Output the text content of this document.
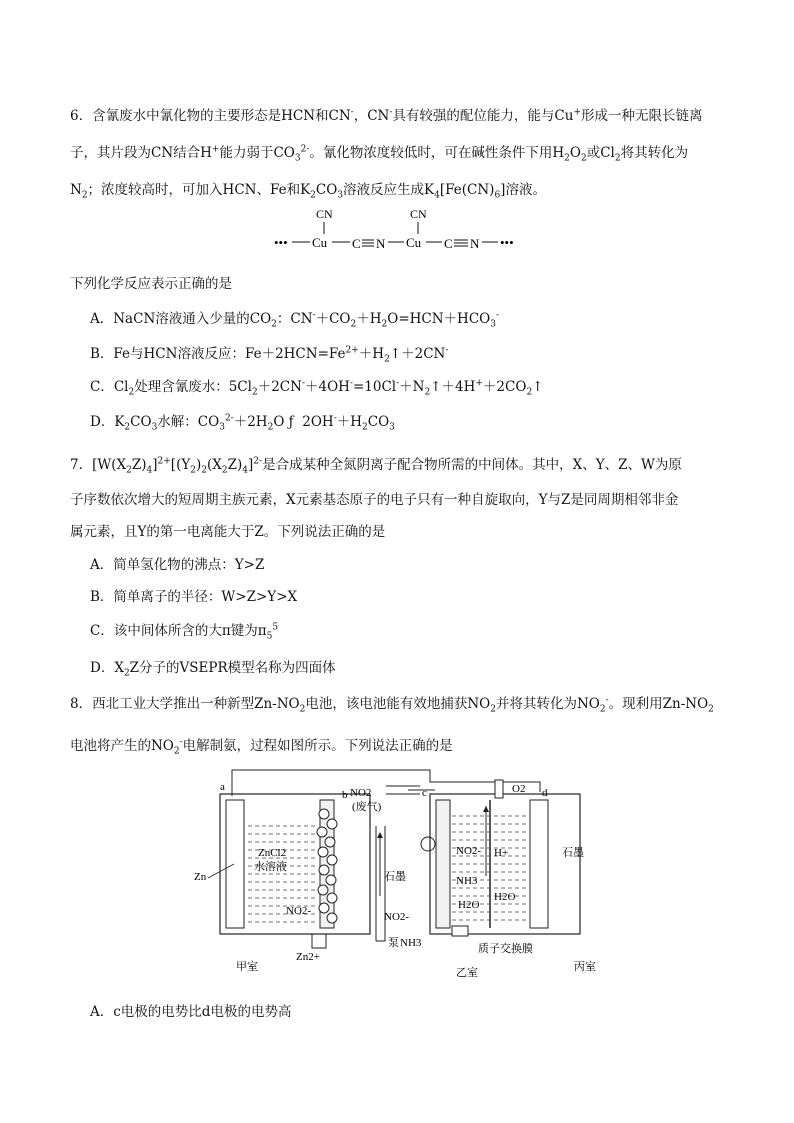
6．含氰废水中氰化物的主要形态是HCN和CN-，CN-具有较强的配位能力，能与Cu+形成一种无限长链离
子，其片段为CN结合H+能力弱于$CO_3^{2-}$。氰化物浓度较低时，可在碱性条件下用$H_2O_2$或$Cl_2$将其转化为
$N_2$；浓度较高时，可加入HCN、Fe和$K_2CO_3$溶液反应生成$K_4[Fe(CN)_6]$溶液。
•••
CN
Cu C N
CN
Cu C N •••
下列化学反应表示正确的是
A．NaCN溶液通入少量的$CO_2$：$CN^-+CO_2+H_2O=HCN+HCO_3^-$
B．Fe与HCN溶液反应：$Fe+2HCN=Fe^{2+}+H_2↑+2CN^-$
C．$Cl_2$处理含氰废水：$5Cl_2+2CN^-+4OH^-=10Cl^-+N_2↑+4H^++2CO_2↑$
D．$K_2CO_3$水解：$CO_3^{2-}+2H_2O$ ƒ  $2OH^-+H_2CO_3$
7．$[W(X_2Z)_4]^{2+}[(Y_2)_2(X_2Z)_4]^{2-}$是合成某种全氮阴离子配合物所需的中间体。其中，X、Y、Z、W为原
子序数依次增大的短周期主族元素，X元素基态原子的电子只有一种自旋取向，Y与Z是同周期相邻非金
属元素，且Y的第一电离能大于Z。下列说法正确的是
A．简单氢化物的沸点：Y>Z
B．简单离子的半径：W>Z>Y>X
C．该中间体所含的大π键为$\pi_5^5$
D．$X_2Z$分子的VSEPR模型名称为四面体
8．西北工业大学推出一种新型$Zn-NO_2$电池，该电池能有效地捕获$NO_2$并将其转化为$NO_2^-$。现利用$Zn-NO_2$
电池将产生的$NO_2^-$电解制氨，过程如图所示。下列说法正确的是
a
b	c	d
NO2
(废气)
O2
ZnCl2
水溶液
Zn
NO2-
Zn2+
甲室
石墨
NO2-
泵 NH3
NO2-
NH3
H2O
H+
H2O
石墨
质子交换膜
乙室	丙室
A．c电极的电势比d电极的电势高
